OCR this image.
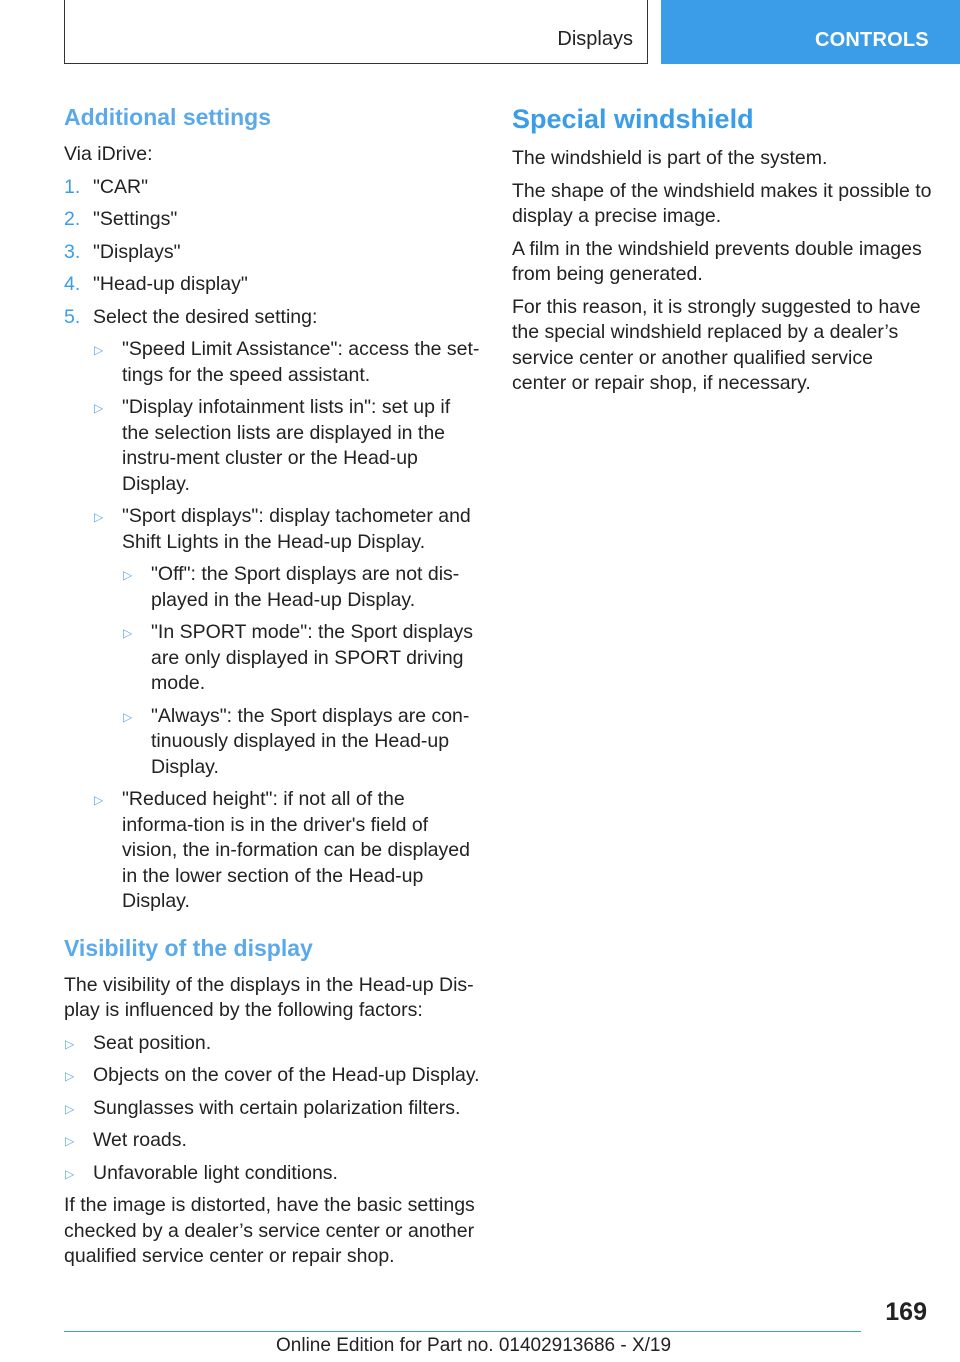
Displays	CONTROLS
Additional settings

Via iDrive:

1. "CAR"
2. "Settings"
3. "Displays"
4. "Head-up display"
5. Select the desired setting:
▷ "Speed Limit Assistance": access the set-tings for the speed assistant.
▷ "Display infotainment lists in": set up if the selection lists are displayed in the instru-ment cluster or the Head-up Display.
▷ "Sport displays": display tachometer and Shift Lights in the Head-up Display.
▷ "Off": the Sport displays are not dis-played in the Head-up Display.
▷ "In SPORT mode": the Sport displays are only displayed in SPORT driving mode.
▷ "Always": the Sport displays are con-tinuously displayed in the Head-up Display.
▷ "Reduced height": if not all of the informa-tion is in the driver's field of vision, the in-formation can be displayed in the lower section of the Head-up Display.
Visibility of the display

The visibility of the displays in the Head-up Dis-play is influenced by the following factors:

▷ Seat position.
▷ Objects on the cover of the Head-up Display.
▷ Sunglasses with certain polarization filters.
▷ Wet roads.
▷ Unfavorable light conditions.

If the image is distorted, have the basic settings checked by a dealer’s service center or another qualified service center or repair shop.

Special windshield

The windshield is part of the system.

The shape of the windshield makes it possible to display a precise image.

A film in the windshield prevents double images from being generated.

For this reason, it is strongly suggested to have the special windshield replaced by a dealer’s service center or another qualified service center or repair shop, if necessary.

169
Online Edition for Part no. 01402913686 - X/19
